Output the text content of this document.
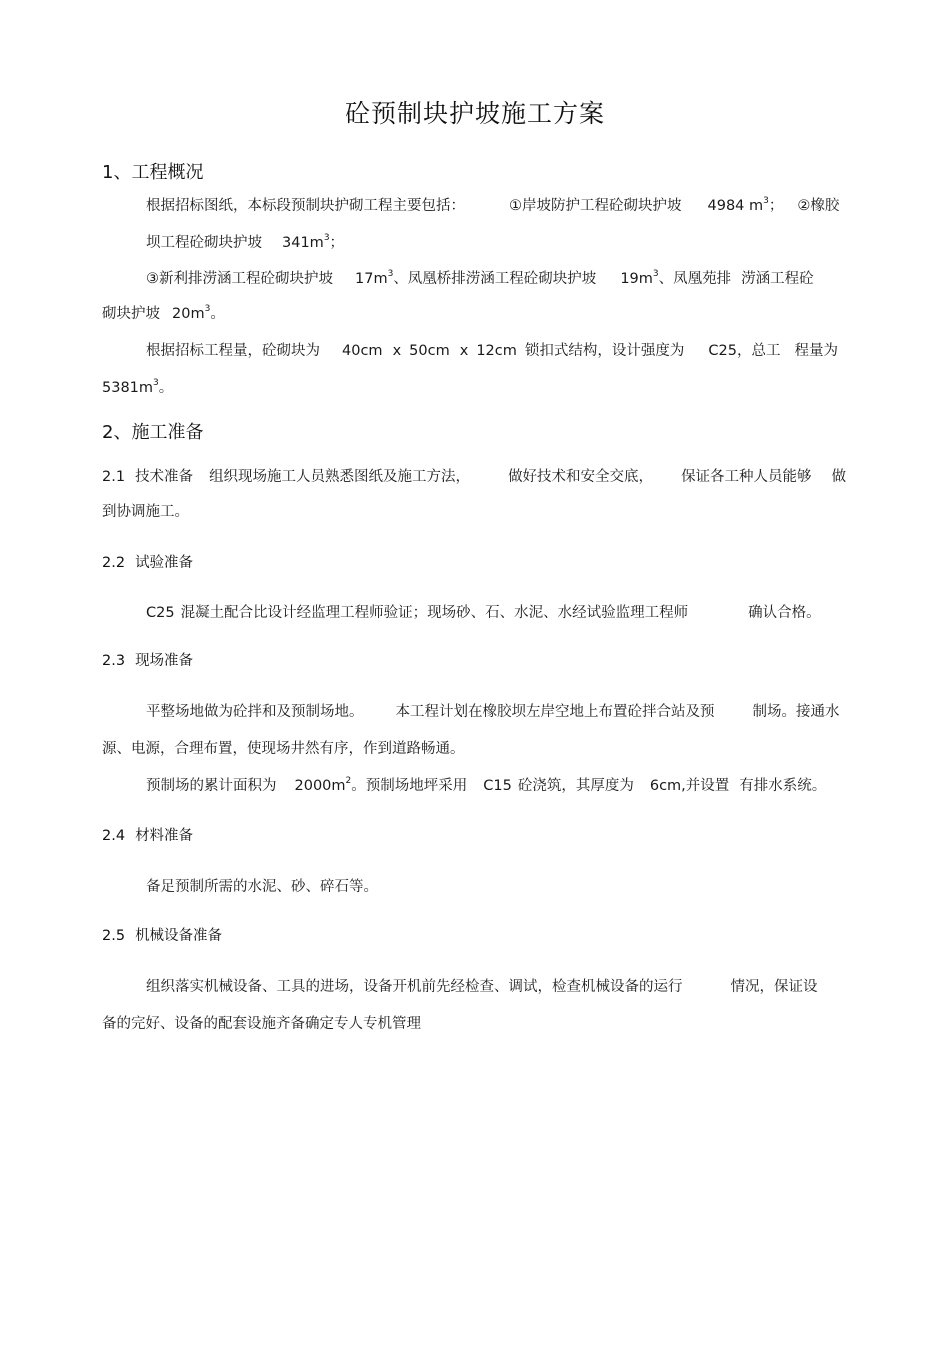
砼预制块护坡施工方案
1、工程概况
根据招标图纸，本标段预制块护砌工程主要包括：	①岸坡防护工程砼砌块护坡 4984 $m^3$； ②橡胶
坝工程砼砌块护坡 $341m^3$；
③新利排涝涵工程砼砌块护坡 $17m^3$、凤凰桥排涝涵工程砼砌块护坡 $19m^3$、凤凰苑排 涝涵工程砼
砌块护坡 $20m^3$。
根据招标工程量，砼砌块为 40cm x 50cm x 12cm 锁扣式结构，设计强度为 C25，总工 程量为
$5381m^3$。
2、施工准备
2.1 技术准备 组织现场施工人员熟悉图纸及施工方法，	做好技术和安全交底， 保证各工种人员能够 做
到协调施工。
2.2 试验准备
C25 混凝土配合比设计经监理工程师验证；现场砂、石、水泥、水经试验监理工程师	确认合格。
2.3 现场准备
平整场地做为砼拌和及预制场地。 本工程计划在橡胶坝左岸空地上布置砼拌合站及预	制场。接通水
源、电源，合理布置，使现场井然有序，作到道路畅通。
预制场的累计面积为 $2000m^2$。预制场地坪采用 C15 砼浇筑，其厚度为 6cm,并设置 有排水系统。
2.4 材料准备
备足预制所需的水泥、砂、碎石等。
2.5 机械设备准备
组织落实机械设备、工具的进场，设备开机前先经检查、调试，检查机械设备的运行	情况，保证设
备的完好、设备的配套设施齐备确定专人专机管理
